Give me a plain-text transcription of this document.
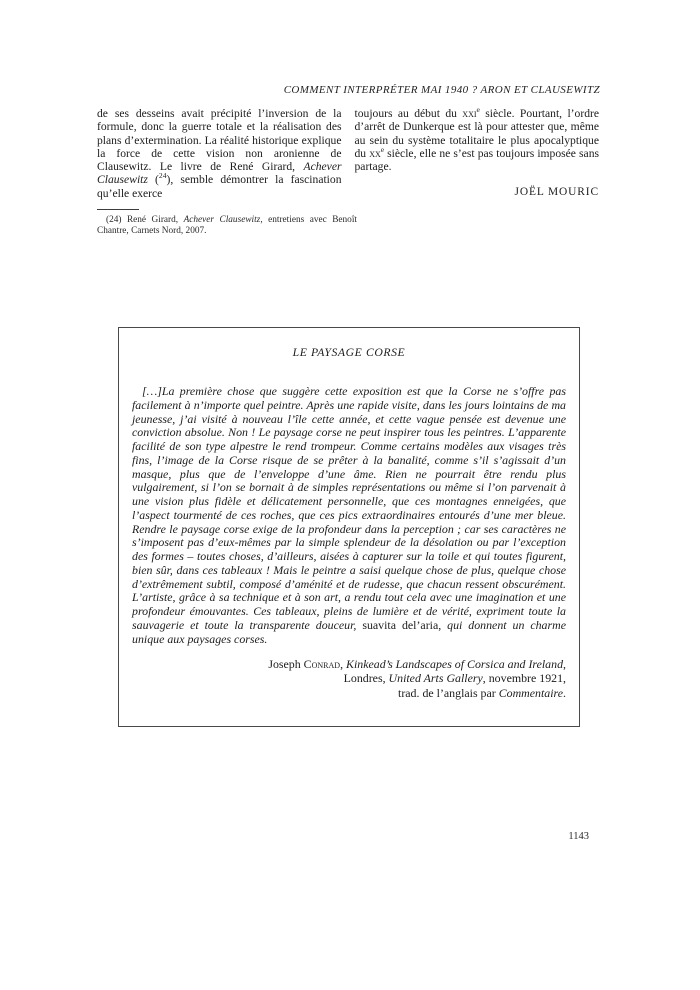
COMMENT INTERPRÉTER MAI 1940 ? ARON ET CLAUSEWITZ

de ses desseins avait précipité l’inversion de la formule, donc la guerre totale et la réalisation des plans d’extermination. La réalité historique explique la force de cette vision non aronienne de Clausewitz. Le livre de René Girard, Achever Clausewitz ($^{24}$), semble démontrer la fascination qu’elle exerce

toujours au début du xxi$^e$ siècle. Pourtant, l’ordre d’arrêt de Dunkerque est là pour attester que, même au sein du système totalitaire le plus apocalyptique du $xx^e$ siècle, elle ne s’est pas toujours imposée sans partage.

JOËL MOURIC

(24) René Girard, Achever Clausewitz, entretiens avec Benoît Chantre, Carnets Nord, 2007.

LE PAYSAGE CORSE

[…]La première chose que suggère cette exposition est que la Corse ne s’offre pas facilement à n’importe quel peintre. Après une rapide visite, dans les jours lointains de ma jeunesse, j’ai visité à nouveau l’île cette année, et cette vague pensée est devenue une conviction absolue. Non ! Le paysage corse ne peut inspirer tous les peintres. L’apparente facilité de son type alpestre le rend trompeur. Comme certains modèles aux visages très fins, l’image de la Corse risque de se prêter à la banalité, comme s’il s’agissait d’un masque, plus que de l’enveloppe d’une âme. Rien ne pourrait être rendu plus vulgairement, si l’on se bornait à de simples représentations ou même si l’on parvenait à une vision plus fidèle et délicatement personnelle, que ces montagnes enneigées, que l’aspect tourmenté de ces roches, que ces pics extraordinaires entourés d’une mer bleue. Rendre le paysage corse exige de la profondeur dans la perception ; car ses caractères ne s’imposent pas d’eux-mêmes par la simple splendeur de la désolation ou par l’exception des formes – toutes choses, d’ailleurs, aisées à capturer sur la toile et qui toutes figurent, bien sûr, dans ces tableaux ! Mais le peintre a saisi quelque chose de plus, quelque chose d’extrêmement subtil, composé d’aménité et de rudesse, que chacun ressent obscurément. L’artiste, grâce à sa technique et à son art, a rendu tout cela avec une imagination et une profondeur émouvantes. Ces tableaux, pleins de lumière et de vérité, expriment toute la sauvagerie et toute la transparente douceur, suavita del’aria, qui donnent un charme unique aux paysages corses.

Joseph Conrad, Kinkead’s Landscapes of Corsica and Ireland,

Londres, United Arts Gallery, novembre 1921,

trad. de l’anglais par Commentaire.

1143
